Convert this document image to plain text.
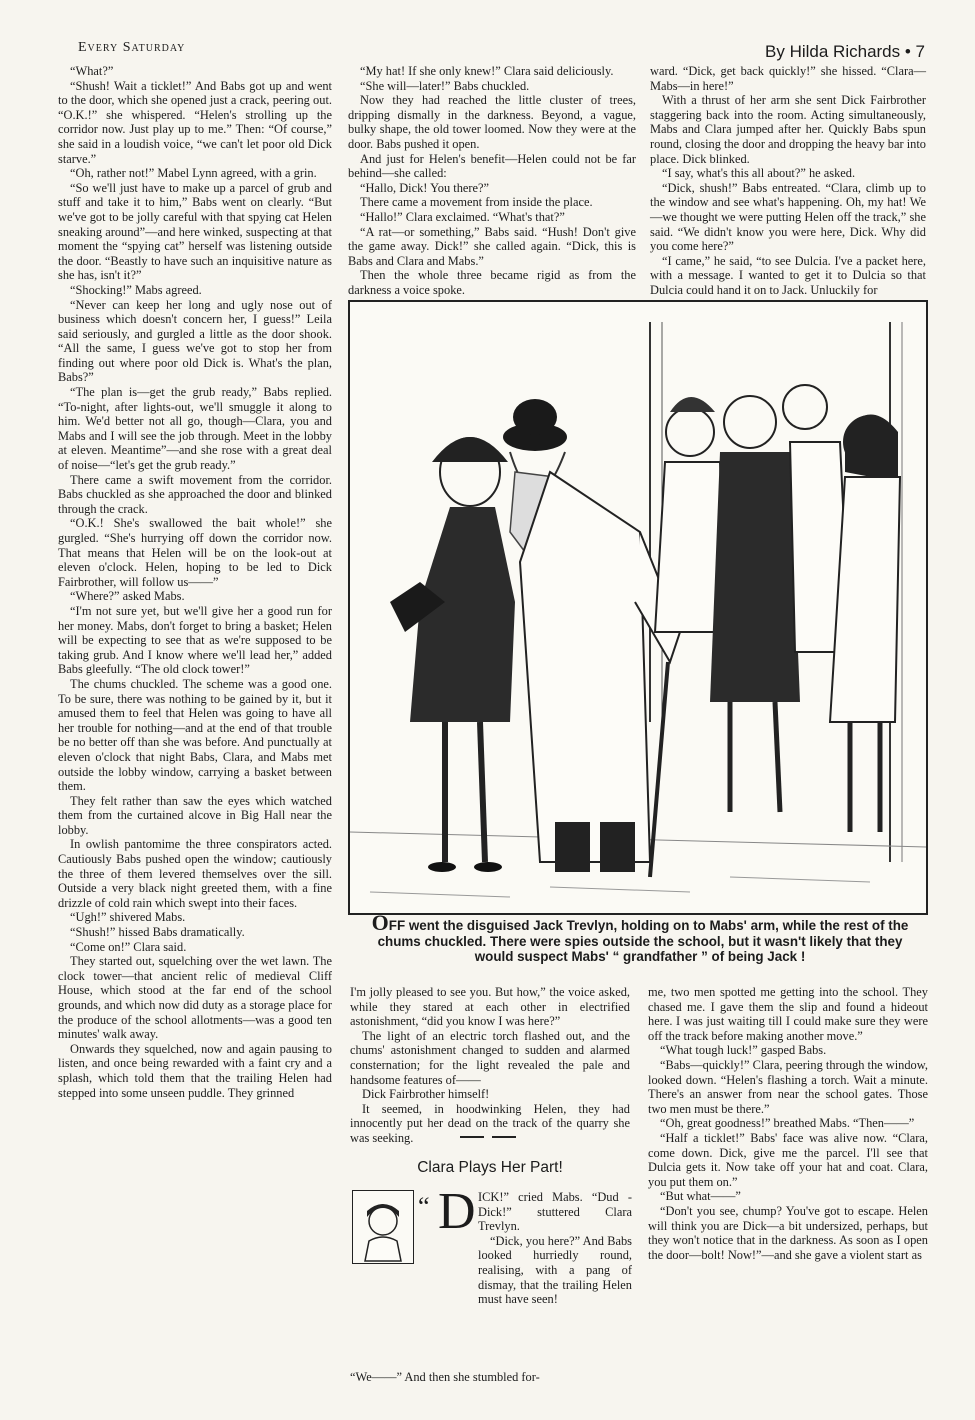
Every Saturday	By Hilda Richards • 7

“What?”

“Shush! Wait a ticklet!” And Babs got up and went to the door, which she opened just a crack, peering out. “O.K.!” she whispered. “Helen's strolling up the corridor now. Just play up to me.” Then: “Of course,” she said in a loudish voice, “we can't let poor old Dick starve.”

“Oh, rather not!” Mabel Lynn agreed, with a grin.

“So we'll just have to make up a parcel of grub and stuff and take it to him,” Babs went on clearly. “But we've got to be jolly careful with that spying cat Helen sneaking around”—and here winked, suspecting at that moment the “spying cat” herself was listening outside the door. “Beastly to have such an inquisitive nature as she has, isn't it?”

“Shocking!” Mabs agreed.

“Never can keep her long and ugly nose out of business which doesn't concern her, I guess!” Leila said seriously, and gurgled a little as the door shook. “All the same, I guess we've got to stop her from finding out where poor old Dick is. What's the plan, Babs?”

“The plan is—get the grub ready,” Babs replied. “To-night, after lights-out, we'll smuggle it along to him. We'd better not all go, though—Clara, you and Mabs and I will see the job through. Meet in the lobby at eleven. Meantime”—and she rose with a great deal of noise—“let's get the grub ready.”

There came a swift movement from the corridor. Babs chuckled as she approached the door and blinked through the crack.

“O.K.! She's swallowed the bait whole!” she gurgled. “She's hurrying off down the corridor now. That means that Helen will be on the look-out at eleven o'clock. Helen, hoping to be led to Dick Fairbrother, will follow us——”

“Where?” asked Mabs.

“I'm not sure yet, but we'll give her a good run for her money. Mabs, don't forget to bring a basket; Helen will be expecting to see that as we're supposed to be taking grub. And I know where we'll lead her,” added Babs gleefully. “The old clock tower!”

The chums chuckled. The scheme was a good one. To be sure, there was nothing to be gained by it, but it amused them to feel that Helen was going to have all her trouble for nothing—and at the end of that trouble be no better off than she was before. And punctually at eleven o'clock that night Babs, Clara, and Mabs met outside the lobby window, carrying a basket between them.

They felt rather than saw the eyes which watched them from the curtained alcove in Big Hall near the lobby.

In owlish pantomime the three conspirators acted. Cautiously Babs pushed open the window; cautiously the three of them levered themselves over the sill. Outside a very black night greeted them, with a fine drizzle of cold rain which swept into their faces.

“Ugh!” shivered Mabs.

“Shush!” hissed Babs dramatically.

“Come on!” Clara said.

They started out, squelching over the wet lawn. The clock tower—that ancient relic of medieval Cliff House, which stood at the far end of the school grounds, and which now did duty as a storage place for the produce of the school allotments—was a good ten minutes' walk away.

Onwards they squelched, now and again pausing to listen, and once being rewarded with a faint cry and a splash, which told them that the trailing Helen had stepped into some unseen puddle. They grinned

“My hat! If she only knew!” Clara said deliciously.

“She will—later!” Babs chuckled.

Now they had reached the little cluster of trees, dripping dismally in the darkness. Beyond, a vague, bulky shape, the old tower loomed. Now they were at the door. Babs pushed it open.

And just for Helen's benefit—Helen could not be far behind—she called:

“Hallo, Dick! You there?”

There came a movement from inside the place.

“Hallo!” Clara exclaimed. “What's that?”

“A rat—or something,” Babs said. “Hush! Don't give the game away. Dick!” she called again. “Dick, this is Babs and Clara and Mabs.”

Then the whole three became rigid as from the darkness a voice spoke.

ward. “Dick, get back quickly!” she hissed. “Clara—Mabs—in here!”

With a thrust of her arm she sent Dick Fairbrother staggering back into the room. Acting simultaneously, Mabs and Clara jumped after her. Quickly Babs spun round, closing the door and dropping the heavy bar into place. Dick blinked.

“I say, what's this all about?” he asked.

“Dick, shush!” Babs entreated. “Clara, climb up to the window and see what's happening. Oh, my hat! We—we thought we were putting Helen off the track,” she said. “We didn't know you were here, Dick. Why did you come here?”

“I came,” he said, “to see Dulcia. I've a packet here, with a message. I wanted to get it to Dulcia so that Dulcia could hand it on to Jack. Unluckily for

OFF went the disguised Jack Trevlyn, holding on to Mabs' arm, while the rest of the chums chuckled. There were spies outside the school, but it wasn't likely that they would suspect Mabs' “ grandfather ” of being Jack !

I'm jolly pleased to see you. But how,” the voice asked, while they stared at each other in electrified astonishment, “did you know I was here?”

The light of an electric torch flashed out, and the chums' astonishment changed to sudden and alarmed consternation; for the light revealed the pale and handsome features of——

Dick Fairbrother himself!

It seemed, in hoodwinking Helen, they had innocently put her dead on the track of the quarry she was seeking.

Clara Plays Her Part!
“ D ICK!” cried Mabs. “Dud - Dick!” stuttered Clara Trevlyn.

“Dick, you here?” And Babs looked hurriedly round, realising, with a pang of dismay, that the trailing Helen must have seen!

“We——” And then she stumbled for-

me, two men spotted me getting into the school. They chased me. I gave them the slip and found a hideout here. I was just waiting till I could make sure they were off the track before making another move.”

“What tough luck!” gasped Babs.

“Babs—quickly!” Clara, peering through the window, looked down. “Helen's flashing a torch. Wait a minute. There's an answer from near the school gates. Those two men must be there.”

“Oh, great goodness!” breathed Mabs. “Then——”

“Half a ticklet!” Babs' face was alive now. “Clara, come down. Dick, give me the parcel. I'll see that Dulcia gets it. Now take off your hat and coat. Clara, you put them on.”

“But what——”

“Don't you see, chump? You've got to escape. Helen will think you are Dick—a bit undersized, perhaps, but they won't notice that in the darkness. As soon as I open the door—bolt! Now!”—and she gave a violent start as
